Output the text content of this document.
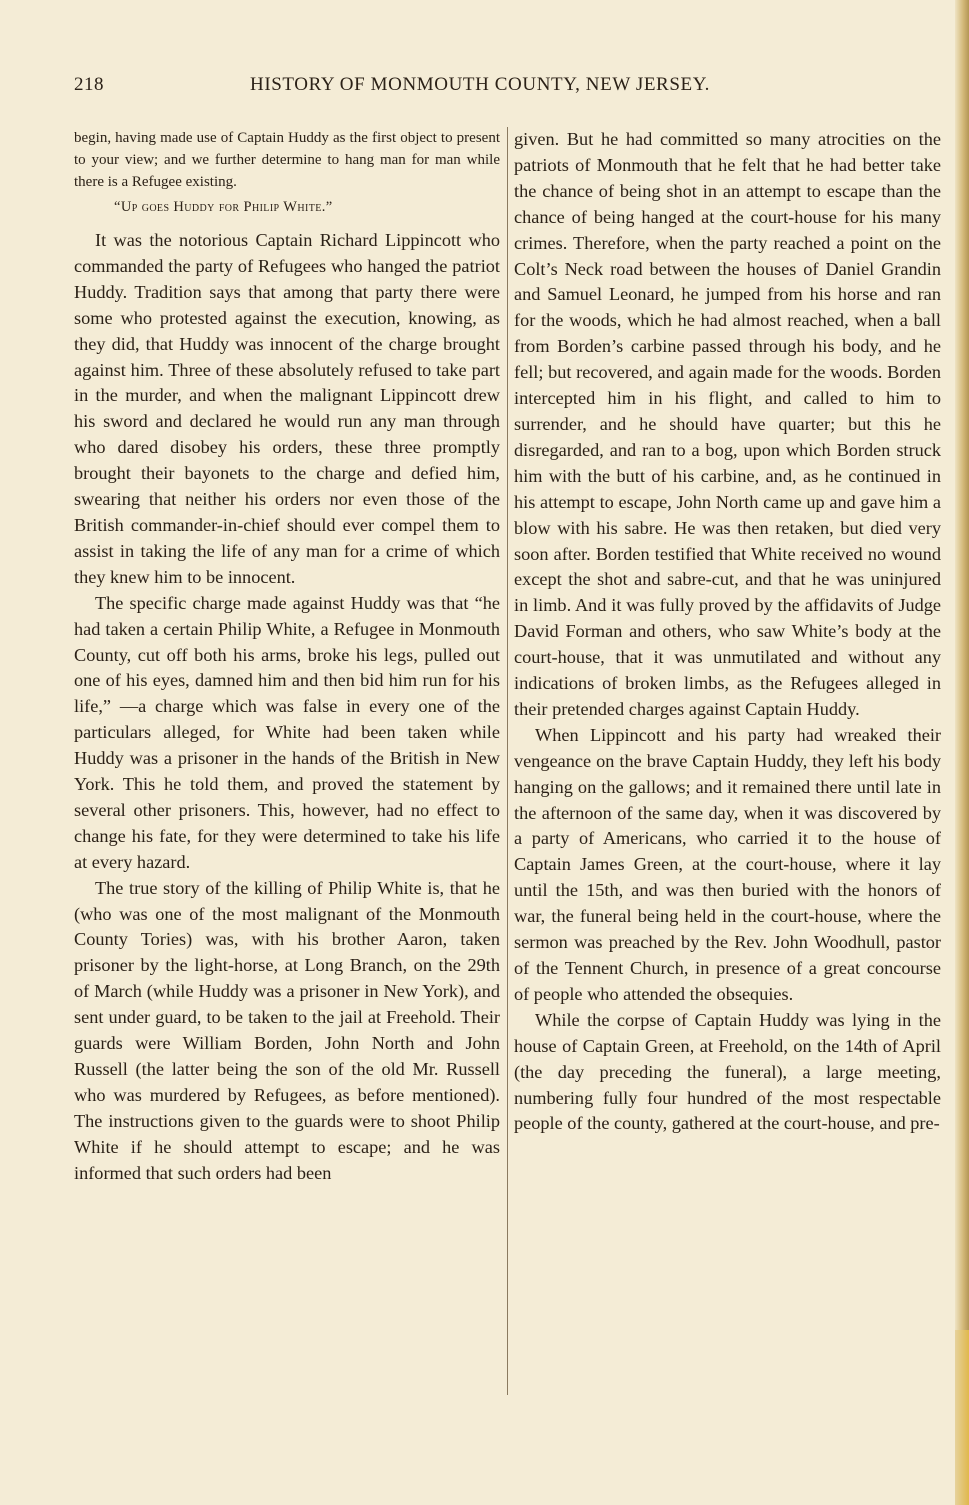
218	HISTORY OF MONMOUTH COUNTY, NEW JERSEY.

begin, having made use of Captain Huddy as the first object to present to your view; and we further determine to hang man for man while there is a Refugee existing.

“Up goes Huddy for Philip White.”

It was the notorious Captain Richard Lippincott who commanded the party of Refugees who hanged the patriot Huddy. Tradition says that among that party there were some who protested against the execution, knowing, as they did, that Huddy was innocent of the charge brought against him. Three of these absolutely refused to take part in the murder, and when the malignant Lippincott drew his sword and declared he would run any man through who dared disobey his orders, these three promptly brought their bayonets to the charge and defied him, swearing that neither his orders nor even those of the British commander-in-chief should ever compel them to assist in taking the life of any man for a crime of which they knew him to be innocent.

The specific charge made against Huddy was that “he had taken a certain Philip White, a Refugee in Monmouth County, cut off both his arms, broke his legs, pulled out one of his eyes, damned him and then bid him run for his life,” —a charge which was false in every one of the particulars alleged, for White had been taken while Huddy was a prisoner in the hands of the British in New York. This he told them, and proved the statement by several other prisoners. This, however, had no effect to change his fate, for they were determined to take his life at every hazard.

The true story of the killing of Philip White is, that he (who was one of the most malignant of the Monmouth County Tories) was, with his brother Aaron, taken prisoner by the light-horse, at Long Branch, on the 29th of March (while Huddy was a prisoner in New York), and sent under guard, to be taken to the jail at Freehold. Their guards were William Borden, John North and John Russell (the latter being the son of the old Mr. Russell who was murdered by Refugees, as before mentioned). The instructions given to the guards were to shoot Philip White if he should attempt to escape; and he was informed that such orders had been

given. But he had committed so many atrocities on the patriots of Monmouth that he felt that he had better take the chance of being shot in an attempt to escape than the chance of being hanged at the court-house for his many crimes. Therefore, when the party reached a point on the Colt’s Neck road between the houses of Daniel Grandin and Samuel Leonard, he jumped from his horse and ran for the woods, which he had almost reached, when a ball from Borden’s carbine passed through his body, and he fell; but recovered, and again made for the woods. Borden intercepted him in his flight, and called to him to surrender, and he should have quarter; but this he disregarded, and ran to a bog, upon which Borden struck him with the butt of his carbine, and, as he continued in his attempt to escape, John North came up and gave him a blow with his sabre. He was then retaken, but died very soon after. Borden testified that White received no wound except the shot and sabre-cut, and that he was uninjured in limb. And it was fully proved by the affidavits of Judge David Forman and others, who saw White’s body at the court-house, that it was unmutilated and without any indications of broken limbs, as the Refugees alleged in their pretended charges against Captain Huddy.

When Lippincott and his party had wreaked their vengeance on the brave Captain Huddy, they left his body hanging on the gallows; and it remained there until late in the afternoon of the same day, when it was discovered by a party of Americans, who carried it to the house of Captain James Green, at the court-house, where it lay until the 15th, and was then buried with the honors of war, the funeral being held in the court-house, where the sermon was preached by the Rev. John Woodhull, pastor of the Tennent Church, in presence of a great concourse of people who attended the obsequies.

While the corpse of Captain Huddy was lying in the house of Captain Green, at Freehold, on the 14th of April (the day preceding the funeral), a large meeting, numbering fully four hundred of the most respectable people of the county, gathered at the court-house, and pre-
